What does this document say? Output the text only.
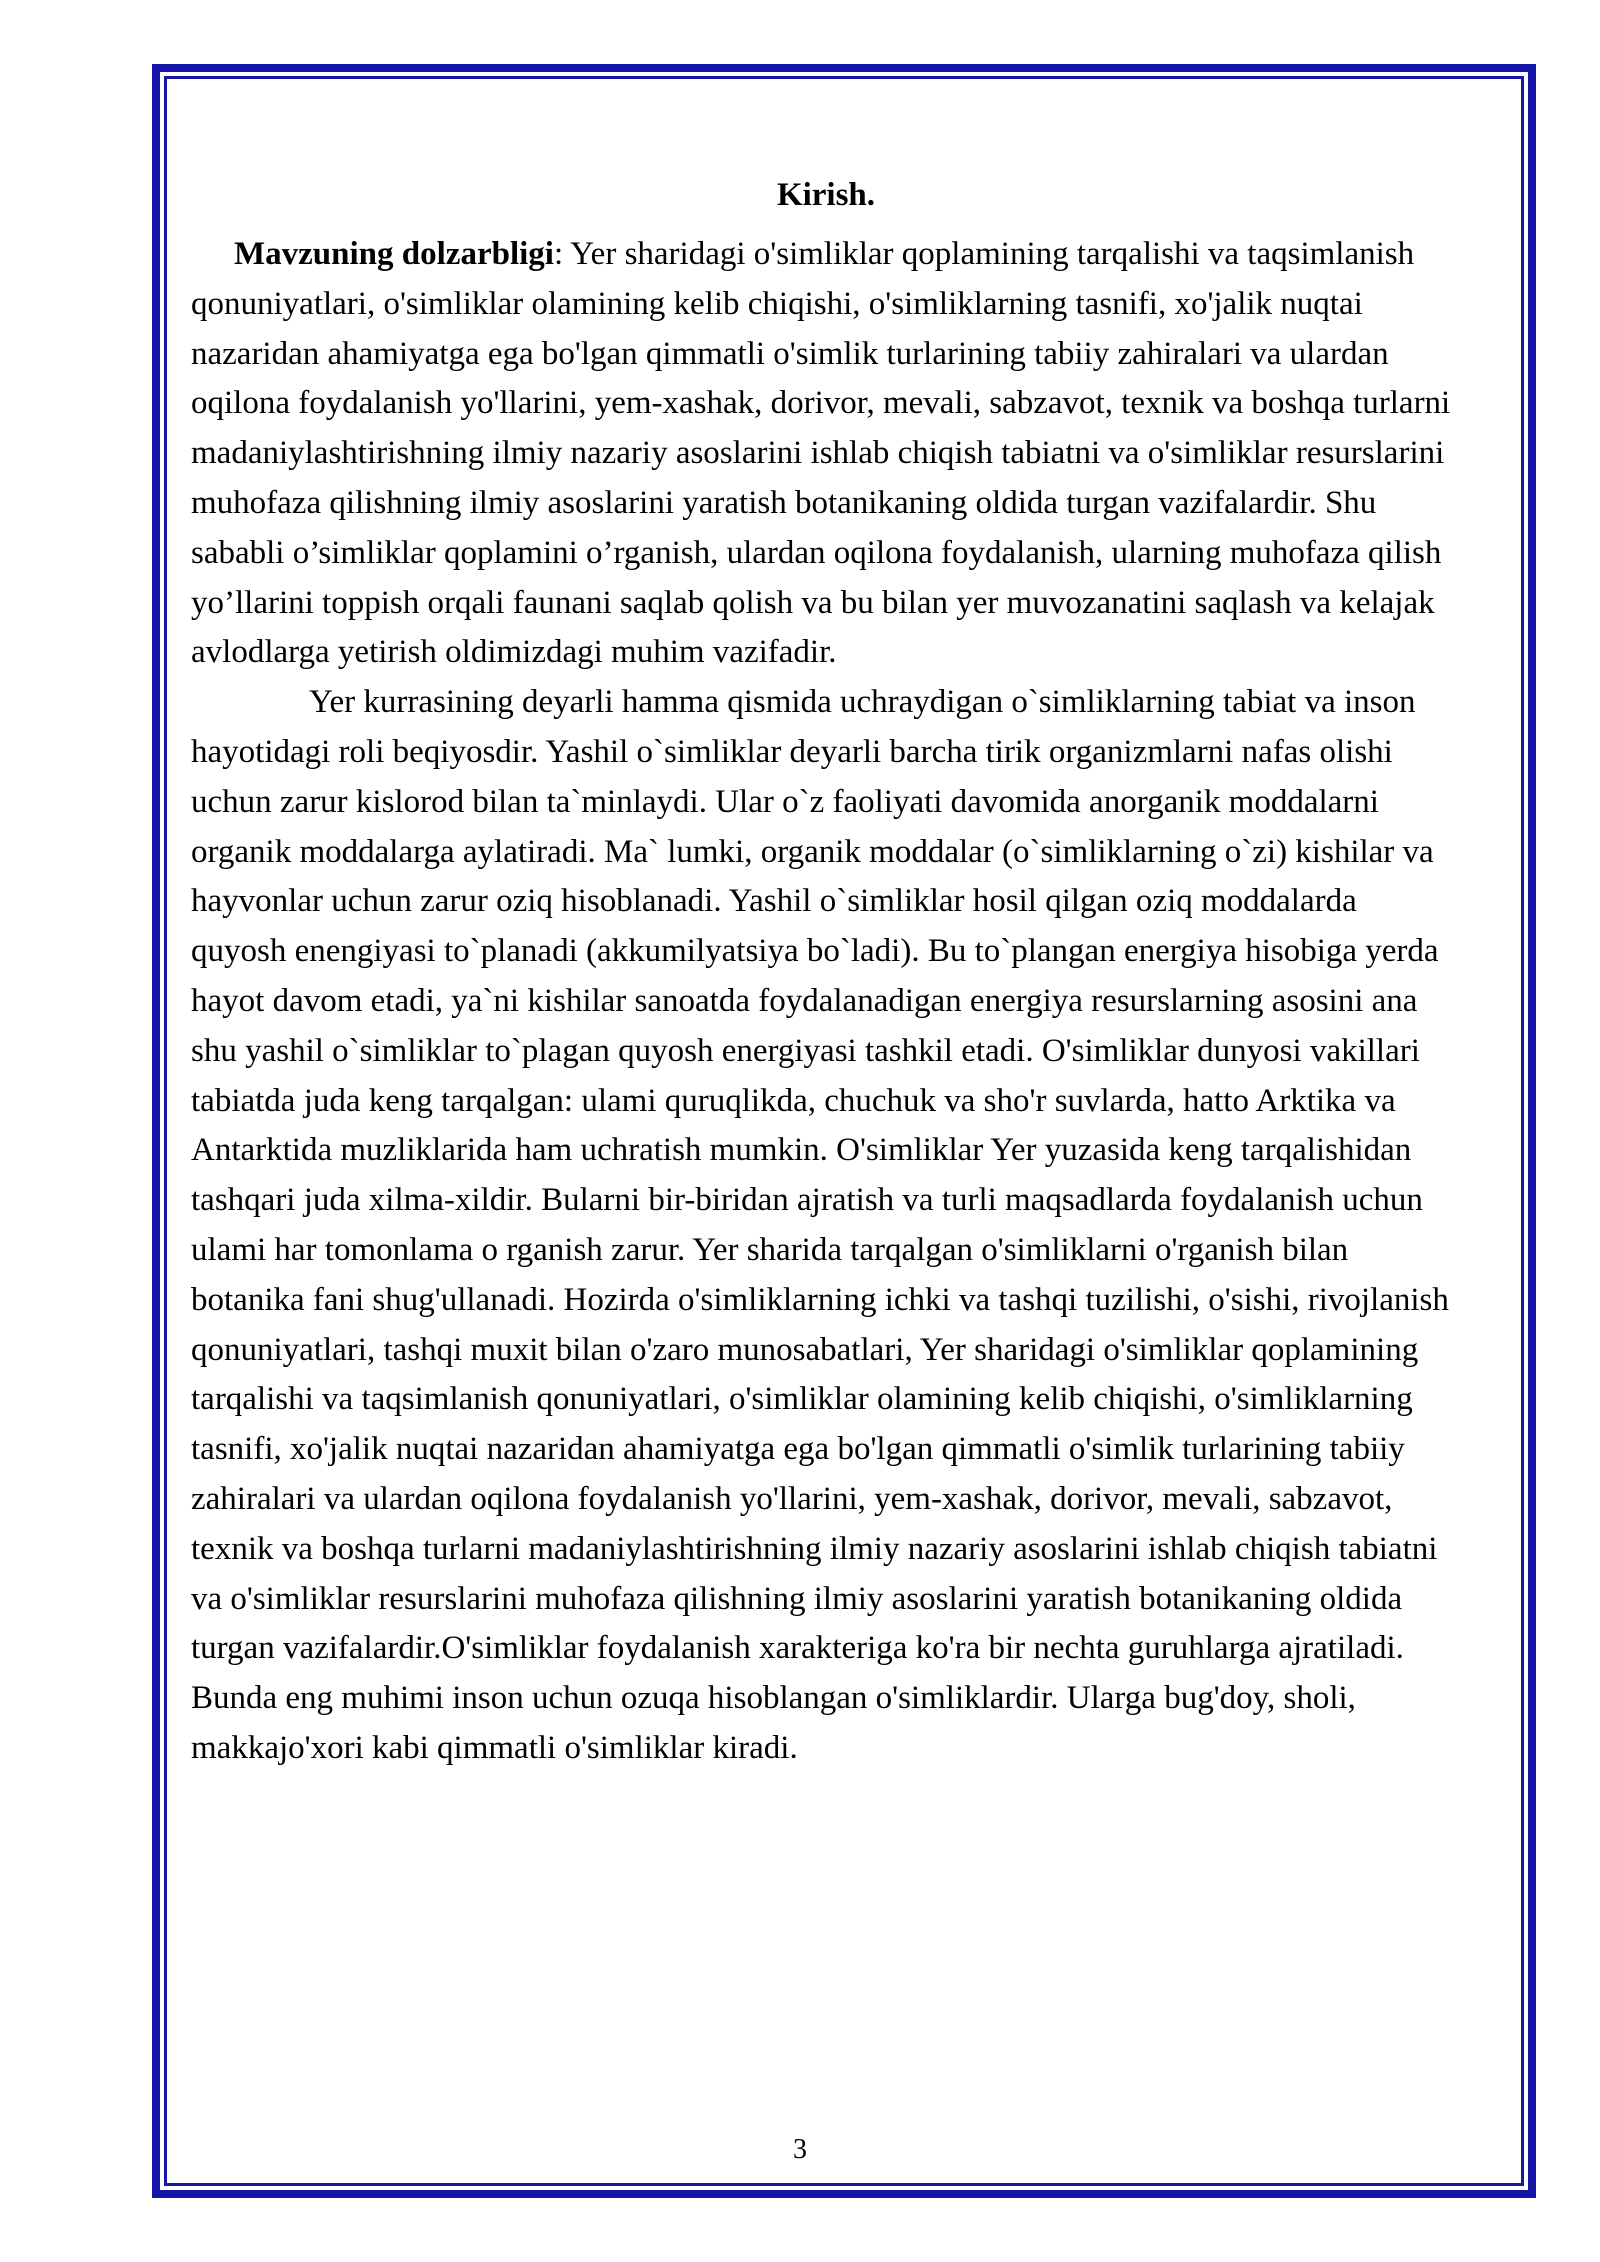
Kirish.

Mavzuning dolzarbligi: Yer sharidagi o'simliklar qoplamining tarqalishi va taqsimlanish qonuniyatlari, o'simliklar olamining kelib chiqishi, o'simliklarning tasnifi, xo'jalik nuqtai nazaridan ahamiyatga ega bo'lgan qimmatli o'simlik turlarining tabiiy zahiralari va ulardan oqilona foydalanish yo'llarini, yem-xashak, dorivor, mevali, sabzavot, texnik va boshqa turlarni madaniylashtirishning ilmiy nazariy asoslarini ishlab chiqish tabiatni va o'simliklar resurslarini muhofaza qilishning ilmiy asoslarini yaratish botanikaning oldida turgan vazifalardir. Shu sababli o’simliklar qoplamini o’rganish, ulardan oqilona foydalanish, ularning muhofaza qilish yo’llarini toppish orqali faunani saqlab qolish va bu bilan yer muvozanatini saqlash va kelajak avlodlarga yetirish oldimizdagi muhim vazifadir.

Yer kurrasining deyarli hamma qismida uchraydigan o`simliklarning tabiat va inson hayotidagi roli beqiyosdir. Yashil o`simliklar deyarli barcha tirik organizmlarni nafas olishi uchun zarur kislorod bilan ta`minlaydi. Ular o`z faoliyati davomida anorganik moddalarni organik moddalarga aylatiradi. Ma` lumki, organik moddalar (o`simliklarning o`zi) kishilar va hayvonlar uchun zarur oziq hisoblanadi. Yashil o`simliklar hosil qilgan oziq moddalarda quyosh enengiyasi to`planadi (akkumilyatsiya bo`ladi). Bu to`plangan energiya hisobiga yerda hayot davom etadi, ya`ni kishilar sanoatda foydalanadigan energiya resurslarning asosini ana shu yashil o`simliklar to`plagan quyosh energiyasi tashkil etadi. O'simliklar dunyosi vakillari tabiatda juda keng tarqalgan: ulami quruqlikda, chuchuk va sho'r suvlarda, hatto Arktika va Antarktida muzliklarida ham uchratish mumkin. O'simliklar Yer yuzasida keng tarqalishidan tashqari juda xilma-xildir. Bularni bir-biridan ajratish va turli maqsadlarda foydalanish uchun ulami har tomonlama o rganish zarur. Yer sharida tarqalgan o'simliklarni o'rganish bilan botanika fani shug'ullanadi. Hozirda o'simliklarning ichki va tashqi tuzilishi, o'sishi, rivojlanish qonuniyatlari, tashqi muxit bilan o'zaro munosabatlari, Yer sharidagi o'simliklar qoplamining tarqalishi va taqsimlanish qonuniyatlari, o'simliklar olamining kelib chiqishi, o'simliklarning tasnifi, xo'jalik nuqtai nazaridan ahamiyatga ega bo'lgan qimmatli o'simlik turlarining tabiiy zahiralari va ulardan oqilona foydalanish yo'llarini, yem-xashak, dorivor, mevali, sabzavot, texnik va boshqa turlarni madaniylashtirishning ilmiy nazariy asoslarini ishlab chiqish tabiatni va o'simliklar resurslarini muhofaza qilishning ilmiy asoslarini yaratish botanikaning oldida turgan vazifalardir.O'simliklar foydalanish xarakteriga ko'ra bir nechta guruhlarga ajratiladi. Bunda eng muhimi inson uchun ozuqa hisoblangan o'simliklardir. Ularga bug'doy, sholi, makkajo'xori kabi qimmatli o'simliklar kiradi.

3
